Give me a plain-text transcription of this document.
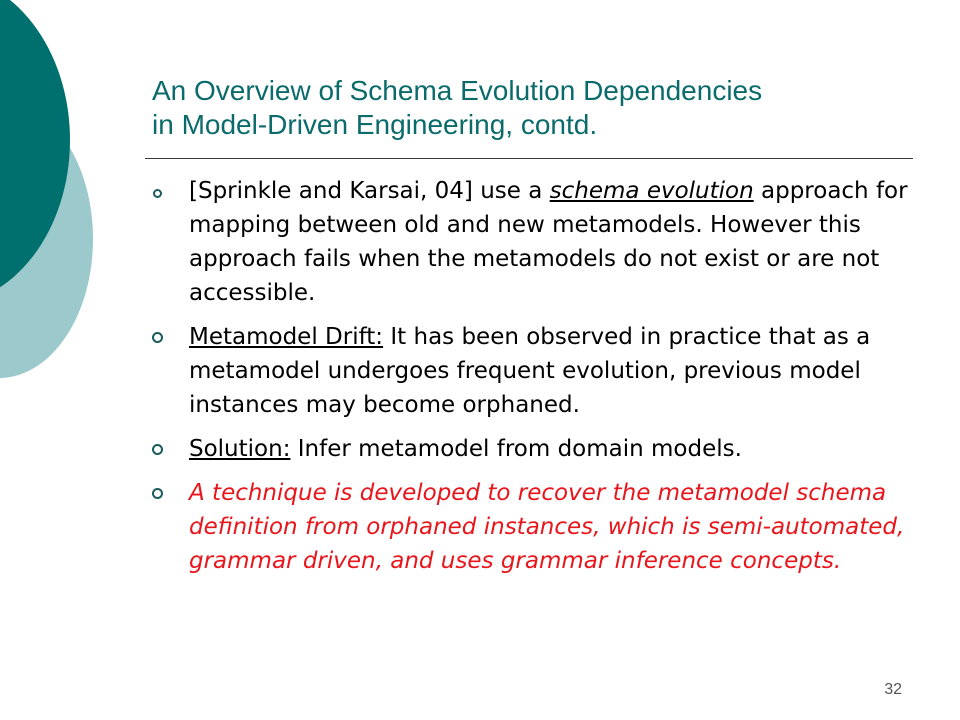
An Overview of Schema Evolution Dependencies
in Model-Driven Engineering, contd.
[Sprinkle and Karsai, 04] use a schema evolution approach for mapping between old and new metamodels. However this approach fails when the metamodels do not exist or are not accessible.
Metamodel Drift: It has been observed in practice that as a metamodel undergoes frequent evolution, previous model instances may become orphaned.
Solution: Infer metamodel from domain models.
A technique is developed to recover the metamodel schema definition from orphaned instances, which is semi-automated, grammar driven, and uses grammar inference concepts.
32
